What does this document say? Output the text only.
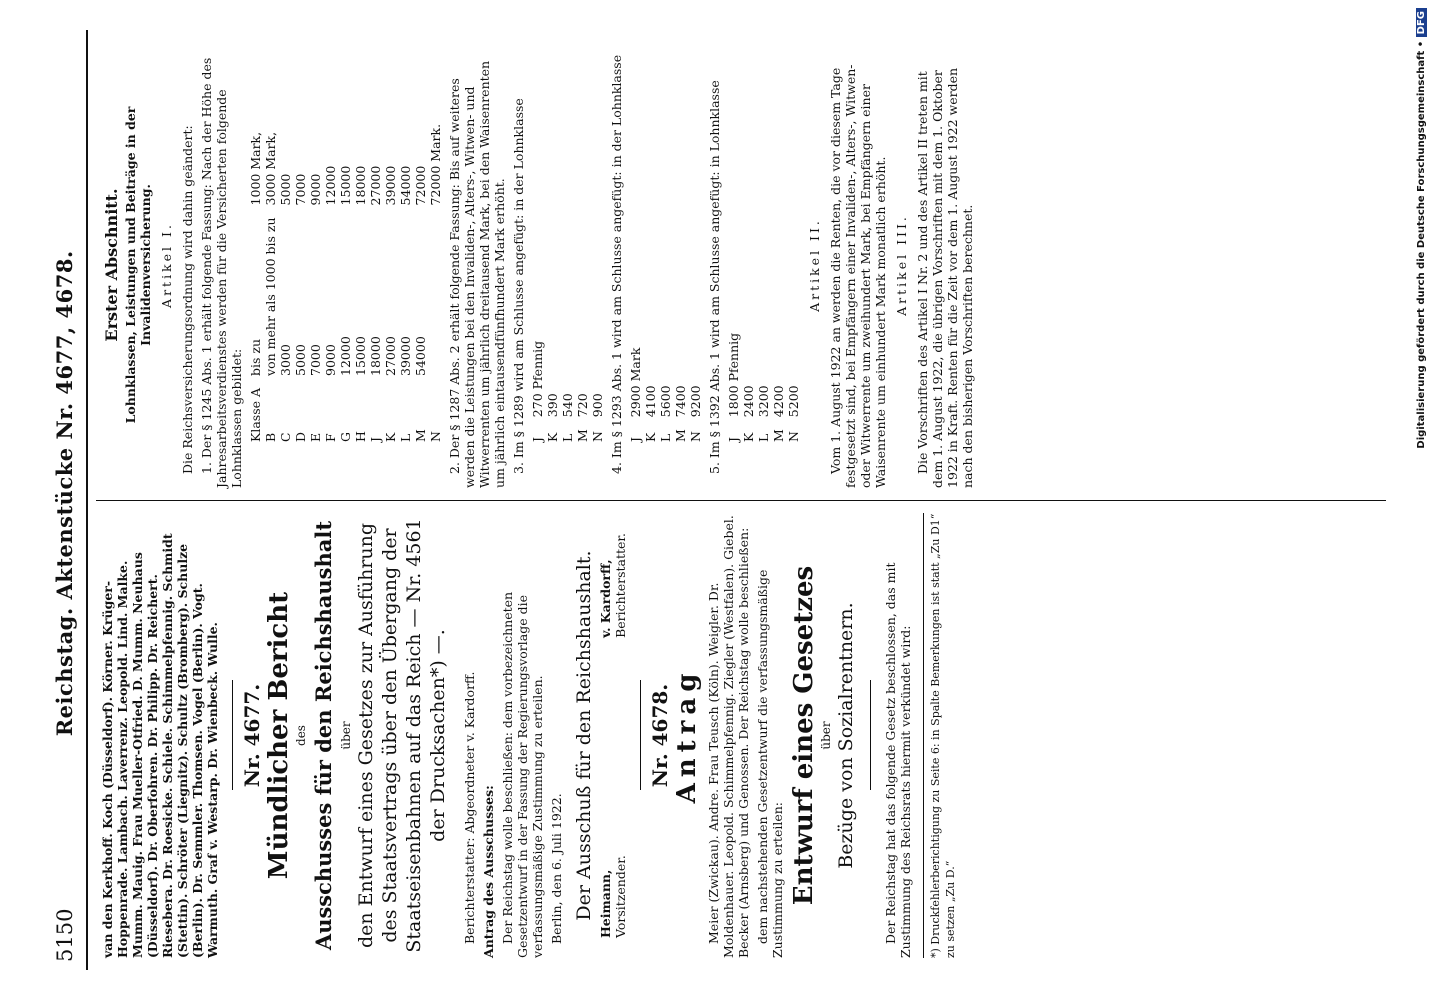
5150
Reichstag. Aktenstücke Nr. 4677, 4678.

van den Kerkhoff. Koch (Düsseldorf). Körner. Krüger-Hoppenrade. Lambach. Laverrenz. Leopold. Lind. Malke. Mumm. Mauig. Frau Mueller-Otfried. D. Mumm. Neuhaus (Düsseldorf). Dr. Oberfohren. Dr. Philipp. Dr. Reichert. Riesebera. Dr. Roesicke. Schiele. Schimmelpfennig. Schmidt (Stettin). Schröter (Liegnitz). Schultz (Bromberg). Schulze (Berlin). Dr. Semmler. Thomsen. Vogel (Berlin). Vogt. Warmuth. Graf v. Westarp. Dr. Wienbeck. Wulle. Nr. 4677. Mündlicher Bericht des Ausschusses für den Reichshaushalt über den Entwurf eines Gesetzes zur Ausführung des Staatsvertrags über den Übergang der Staatseisenbahnen auf das Reich — Nr. 4561 der Drucksachen*) —. Berichterstatter: Abgeordneter v. Kardorff. Antrag des Ausschusses: Der Reichstag wolle beschließen: dem vorbezeichneten Gesetzentwurf in der Fassung der Regierungsvorlage die verfassungsmäßige Zustimmung zu erteilen. Berlin, den 6. Juli 1922. Der Ausschuß für den Reichshaushalt. Heimann, Vorsitzender.
v. Kardorff, Berichterstatter.
Nr. 4678. Antrag Meier (Zwickau). Andre. Frau Teusch (Köln). Weigler. Dr. Moldenhauer. Leopold. Schimmelpfennig. Ziegler (Westfalen). Giebel. Becker (Arnsberg) und Genossen. Der Reichstag wolle beschließen: dem nachstehenden Gesetzentwurf die verfassungsmäßige Zustimmung zu erteilen: Entwurf eines Gesetzes über Bezüge von Sozialrentnern. Der Reichstag hat das folgende Gesetz beschlossen, das mit Zustimmung des Reichsrats hiermit verkündet wird:	*) Druckfehlerberichtigung zu Seite 6: in Spalte Bemerkungen ist statt „Zu D1“ zu setzen „Zu D.“
Erster Abschnitt. Lohnklassen, Leistungen und Beiträge in der Invalidenversicherung. Artikel I. Die Reichsversicherungsordnung wird dahin geändert: 1. Der § 1245 Abs. 1 erhält folgende Fassung: Nach der Höhe des Jahresarbeitsverdienstes werden für die Versicherten folgende Lohnklassen gebildet: Klasse A	bis zu	1000 Mark,
B	von mehr als 1000 bis zu	3000 Mark,
C	3000	5000
D	5000	7000
E	7000	9000
F	9000	12000
G	12000	15000
H	15000	18000
J	18000	27000
K	27000	39000
L	39000	54000
M	54000	72000
N		72000 Mark. 2. Der § 1287 Abs. 2 erhält folgende Fassung: Bis auf weiteres werden die Leistungen bei den Invaliden-, Alters-, Witwen- und Witwerrenten um jährlich dreitausend Mark, bei den Waisenrenten um jährlich eintausendfünfhundert Mark erhöht. 3. Im § 1289 wird am Schlusse angefügt: in der Lohnklasse J	270 Pfennig
K	390
L	540
M	720
N	900 4. Im § 1293 Abs. 1 wird am Schlusse angefügt: in der Lohnklasse J	2900 Mark
K	4100
L	5600
M	7400
N	9200 5. Im § 1392 Abs. 1 wird am Schlusse angefügt: in Lohnklasse J	1800 Pfennig
K	2400
L	3200
M	4200
N	5200
Artikel II. Vom 1. August 1922 an werden die Renten, die vor diesem Tage festgesetzt sind, bei Empfängern einer Invaliden-, Alters-, Witwen- oder Witwerrente um zweihundert Mark, bei Empfängern einer Waisenrente um einhundert Mark monatlich erhöht. Artikel III. Die Vorschriften des Artikel I Nr. 2 und des Artikel II treten mit dem 1. August 1922, die übrigen Vorschriften mit dem 1. Oktober 1922 in Kraft. Renten für die Zeit vor dem 1. August 1922 werden nach den bisherigen Vorschriften berechnet.	Digitalisierung gefördert durch die Deutsche Forschungsgemeinschaft • DFG
